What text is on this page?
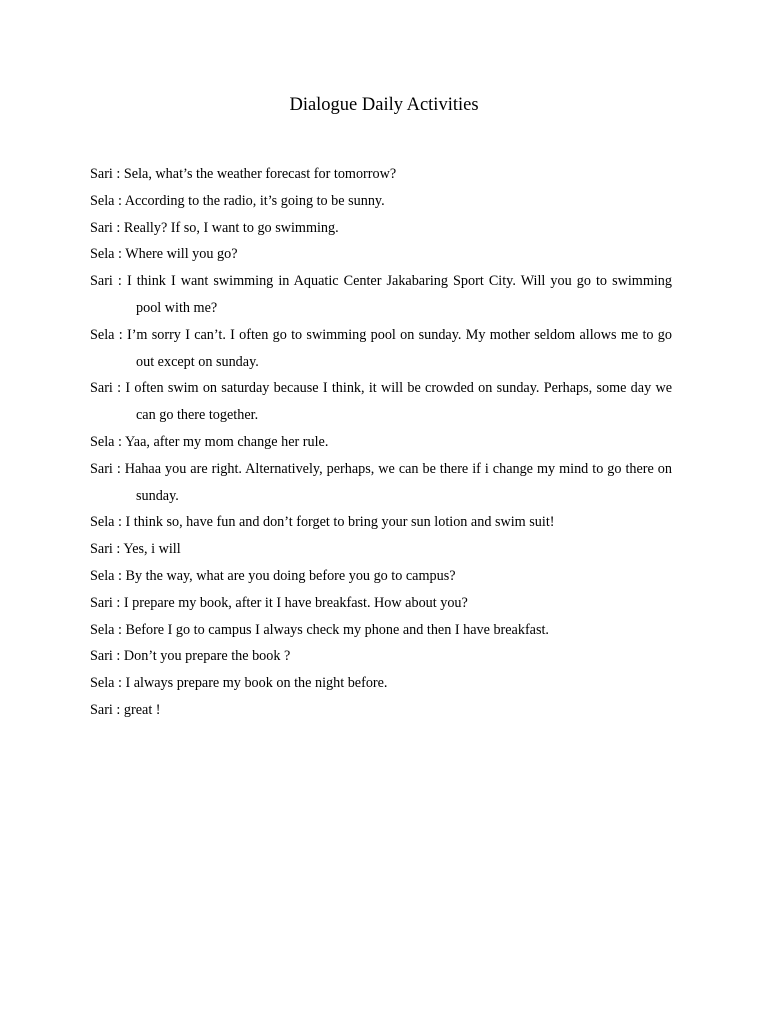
Dialogue Daily Activities
Sari : Sela, what’s the weather forecast for tomorrow?
Sela : According to the radio, it’s going to be sunny.
Sari : Really? If so, I want to go swimming.
Sela : Where will you go?
Sari : I think I want swimming in Aquatic Center Jakabaring Sport City. Will you go to swimming pool with me?
Sela : I’m sorry I can’t. I often go to swimming pool on sunday. My mother seldom allows me to go out except on sunday.
Sari : I often swim on saturday because I think, it will be crowded on sunday. Perhaps, some day we can go there together.
Sela : Yaa, after my mom change her rule.
Sari : Hahaa you are right. Alternatively, perhaps, we can be there if i change my mind to go there on sunday.
Sela : I think so, have fun and don’t forget to bring your sun lotion and swim suit!
Sari : Yes, i will
Sela : By the way, what are you doing before you go to campus?
Sari : I prepare my book, after it I have breakfast. How about you?
Sela : Before I go to campus I always check my phone and then I have breakfast.
Sari : Don’t you prepare the book ?
Sela : I always prepare my book on the night before.
Sari : great !
